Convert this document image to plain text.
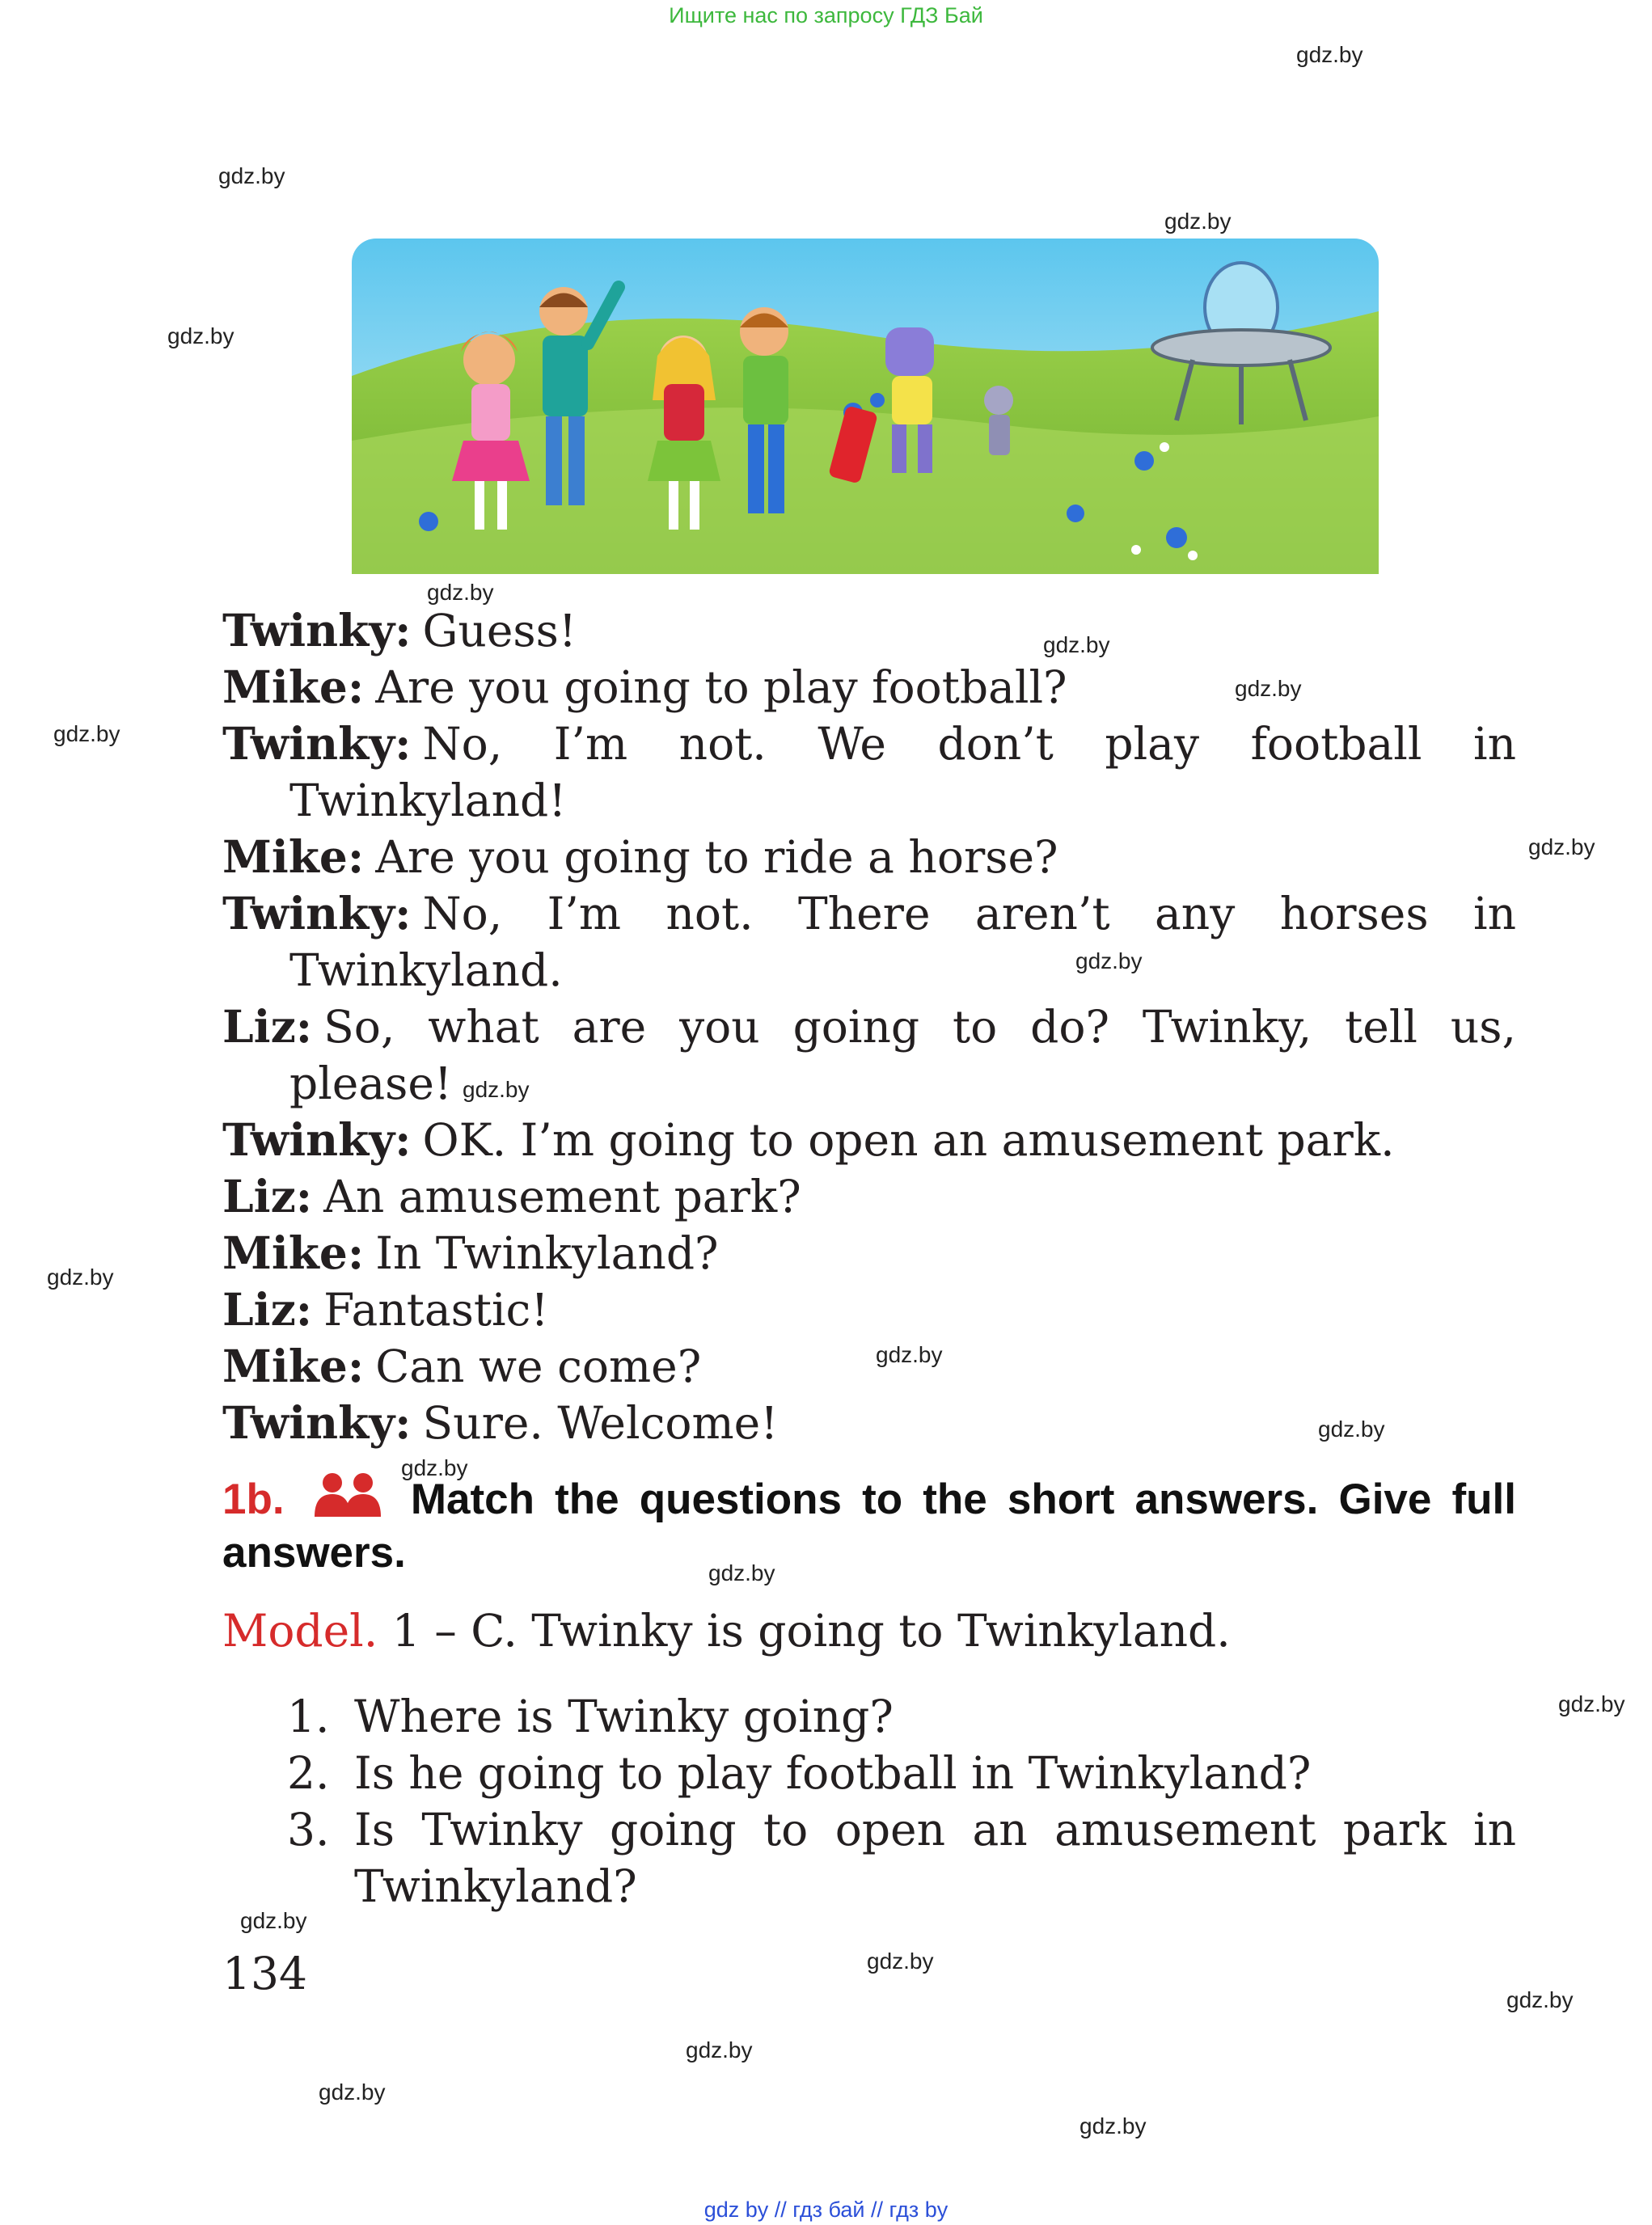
Ищите нас по запросу ГДЗ Бай
gdz.by
gdz.by
gdz.by
gdz.by
gdz.by
gdz.by
gdz.by
gdz.by
gdz.by
gdz.by
gdz.by
gdz.by
gdz.by
gdz.by
gdz.by
gdz.by
gdz.by
gdz.by
gdz.by
gdz.by
gdz.by
gdz.by
gdz.by
Twinky: Guess!
Mike: Are you going to play football?
Twinky: No, I’m not. We don’t play football in
Twinkyland!
Mike: Are you going to ride a horse?
Twinky: No, I’m not. There aren’t any horses in
Twinkyland.
Liz: So, what are you going to do? Twinky, tell us,
please!
Twinky: OK. I’m going to open an amusement park.
Liz: An amusement park?
Mike: In Twinkyland?
Liz: Fantastic!
Mike: Can we come?
Twinky: Sure. Welcome!
1b.	Match the questions to the short answers. Give full answers.
Model. 1 – C. Twinky is going to Twinkyland.
1. Where is Twinky going?
2. Is he going to play football in Twinkyland?
3. Is Twinky going to open an amusement park in
Twinkyland?
134
gdz by // гдз бай // гдз by
